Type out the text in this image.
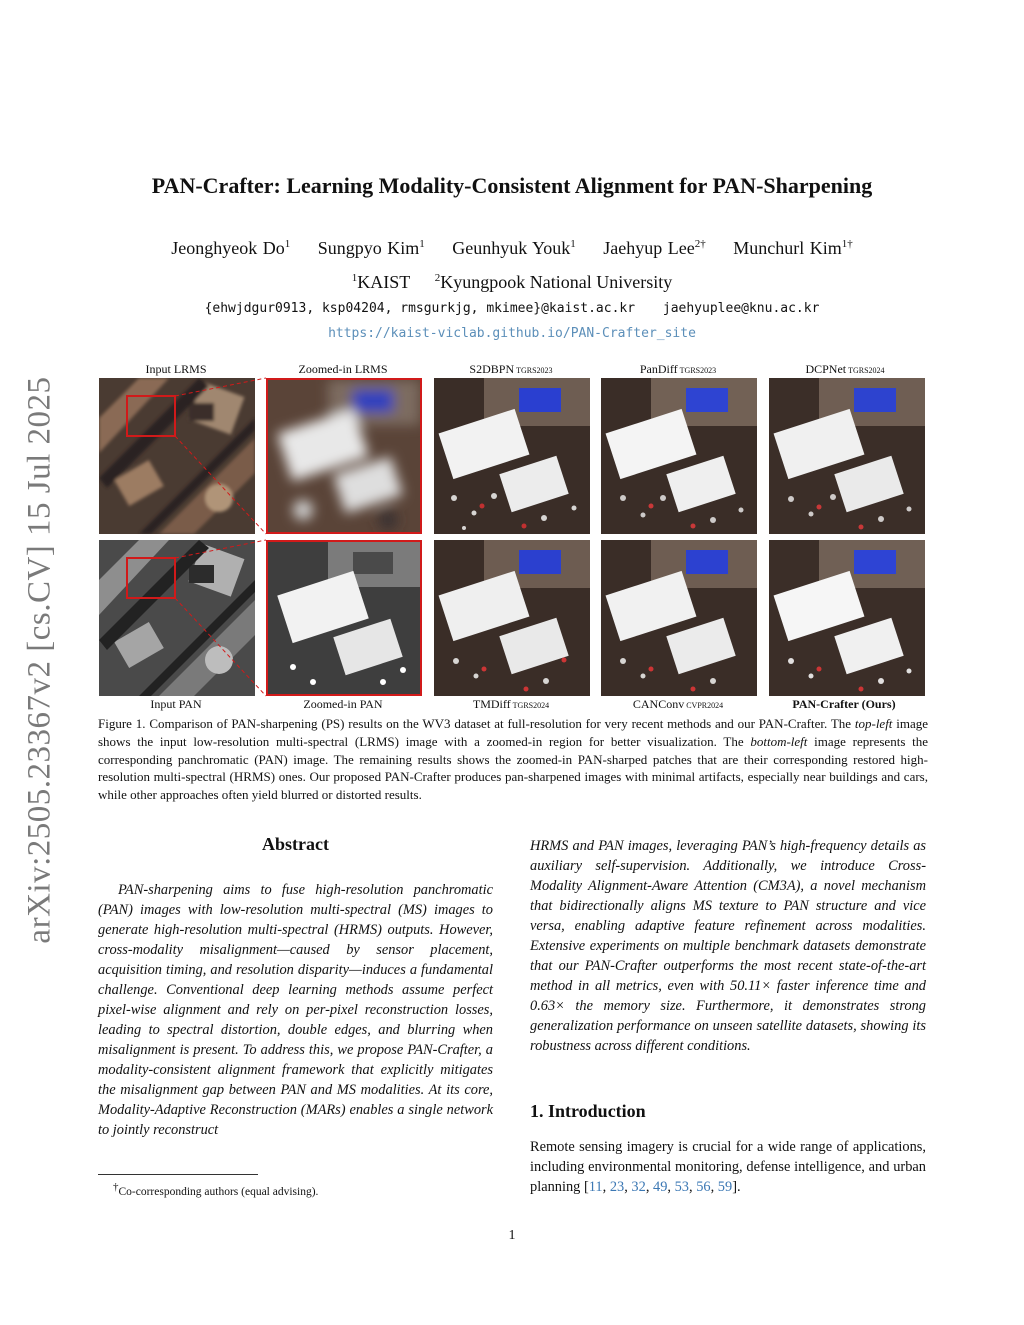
arXiv:2505.23367v2 [cs.CV] 15 Jul 2025
PAN-Crafter: Learning Modality-Consistent Alignment for PAN-Sharpening
Jeonghyeok Do$^1$ Sungpyo Kim$^1$ Geunhyuk Youk$^1$ Jaehyup Lee$^{2\dagger}$ Munchurl Kim$^{1\dagger}$
$^1$KAIST $^2$Kyungpook National University
{ehwjdgur0913, ksp04204, rmsgurkjg, mkimee}@kaist.ac.kr jaehyuplee@knu.ac.kr
https://kaist-viclab.github.io/PAN-Crafter_site
Input LRMS	Zoomed-in LRMS	S2DBPN TGRS2023	PanDiff TGRS2023	DCPNet TGRS2024
Input PAN	Zoomed-in PAN	TMDiff TGRS2024	CANConv CVPR2024	PAN-Crafter (Ours)

Figure 1. Comparison of PAN-sharpening (PS) results on the WV3 dataset at full-resolution for very recent methods and our PAN-Crafter. The top-left image shows the input low-resolution multi-spectral (LRMS) image with a zoomed-in region for better visualization. The bottom-left image represents the corresponding panchromatic (PAN) image. The remaining results shows the zoomed-in PAN-sharped patches that are their corresponding restored high-resolution multi-spectral (HRMS) ones. Our proposed PAN-Crafter produces pan-sharpened images with minimal artifacts, especially near buildings and cars, while other approaches often yield blurred or distorted results.

Abstract

PAN-sharpening aims to fuse high-resolution panchromatic (PAN) images with low-resolution multi-spectral (MS) images to generate high-resolution multi-spectral (HRMS) outputs. However, cross-modality misalignment—caused by sensor placement, acquisition timing, and resolution disparity—induces a fundamental challenge. Conventional deep learning methods assume perfect pixel-wise alignment and rely on per-pixel reconstruction losses, leading to spectral distortion, double edges, and blurring when misalignment is present. To address this, we propose PAN-Crafter, a modality-consistent alignment framework that explicitly mitigates the misalignment gap between PAN and MS modalities. At its core, Modality-Adaptive Reconstruction (MARs) enables a single network to jointly reconstruct

HRMS and PAN images, leveraging PAN’s high-frequency details as auxiliary self-supervision. Additionally, we introduce Cross-Modality Alignment-Aware Attention (CM3A), a novel mechanism that bidirectionally aligns MS texture to PAN structure and vice versa, enabling adaptive feature refinement across modalities. Extensive experiments on multiple benchmark datasets demonstrate that our PAN-Crafter outperforms the most recent state-of-the-art method in all metrics, even with 50.11× faster inference time and 0.63× the memory size. Furthermore, it demonstrates strong generalization performance on unseen satellite datasets, showing its robustness across different conditions.

1. Introduction

Remote sensing imagery is crucial for a wide range of applications, including environmental monitoring, defense intelligence, and urban planning [11, 23, 32, 49, 53, 56, 59].

†Co-corresponding authors (equal advising).
1
